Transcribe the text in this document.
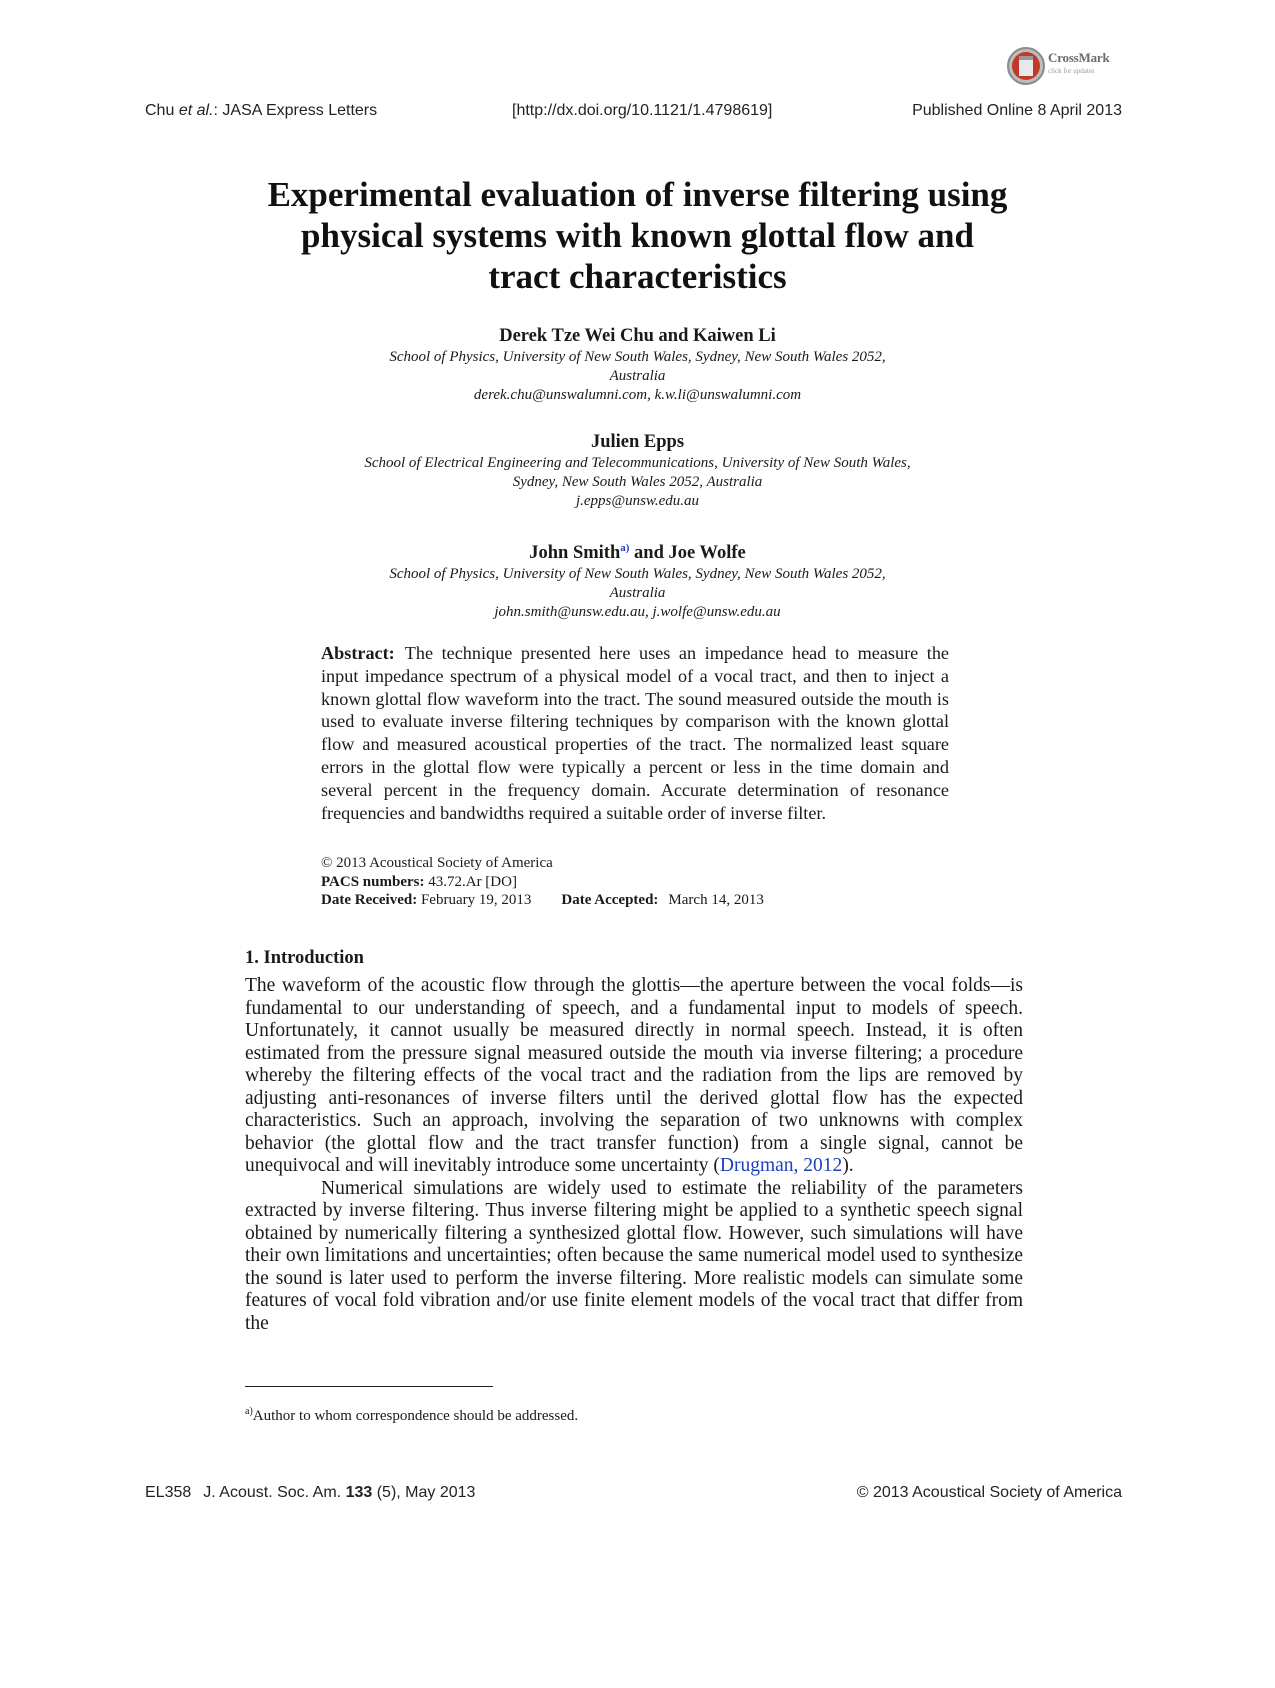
CrossMark
click for updates
Chu et al.: JASA Express Letters	[http://dx.doi.org/10.1121/1.4798619]	Published Online 8 April 2013
Experimental evaluation of inverse filtering using
physical systems with known glottal flow and
tract characteristics
Derek Tze Wei Chu and Kaiwen Li
School of Physics, University of New South Wales, Sydney, New South Wales 2052,
Australia
derek.chu@unswalumni.com, k.w.li@unswalumni.com
Julien Epps
School of Electrical Engineering and Telecommunications, University of New South Wales,
Sydney, New South Wales 2052, Australia
j.epps@unsw.edu.au
John Smith$^{a)}$ and Joe Wolfe
School of Physics, University of New South Wales, Sydney, New South Wales 2052,
Australia
john.smith@unsw.edu.au, j.wolfe@unsw.edu.au
Abstract: The technique presented here uses an impedance head to measure the input impedance spectrum of a physical model of a vocal tract, and then to inject a known glottal flow waveform into the tract. The sound measured outside the mouth is used to evaluate inverse filtering techniques by comparison with the known glottal flow and measured acoustical properties of the tract. The normalized least square errors in the glottal flow were typically a percent or less in the time domain and several percent in the frequency domain. Accurate determination of resonance frequencies and bandwidths required a suitable order of inverse filter.
© 2013 Acoustical Society of America
PACS numbers: 43.72.Ar [DO]
Date Received: February 19, 2013 Date Accepted: March 14, 2013
1. Introduction

The waveform of the acoustic flow through the glottis—the aperture between the vocal folds—is fundamental to our understanding of speech, and a fundamental input to models of speech. Unfortunately, it cannot usually be measured directly in normal speech. Instead, it is often estimated from the pressure signal measured outside the mouth via inverse filtering; a procedure whereby the filtering effects of the vocal tract and the radiation from the lips are removed by adjusting anti-resonances of inverse filters until the derived glottal flow has the expected characteristics. Such an approach, involving the separation of two unknowns with complex behavior (the glottal flow and the tract transfer function) from a single signal, cannot be unequivocal and will inevitably introduce some uncertainty (Drugman, 2012).

Numerical simulations are widely used to estimate the reliability of the parameters extracted by inverse filtering. Thus inverse filtering might be applied to a synthetic speech signal obtained by numerically filtering a synthesized glottal flow. However, such simulations will have their own limitations and uncertainties; often because the same numerical model used to synthesize the sound is later used to perform the inverse filtering. More realistic models can simulate some features of vocal fold vibration and/or use finite element models of the vocal tract that differ from the

$^{a)}$Author to whom correspondence should be addressed.
EL358 J. Acoust. Soc. Am. 133 (5), May 2013	© 2013 Acoustical Society of America
